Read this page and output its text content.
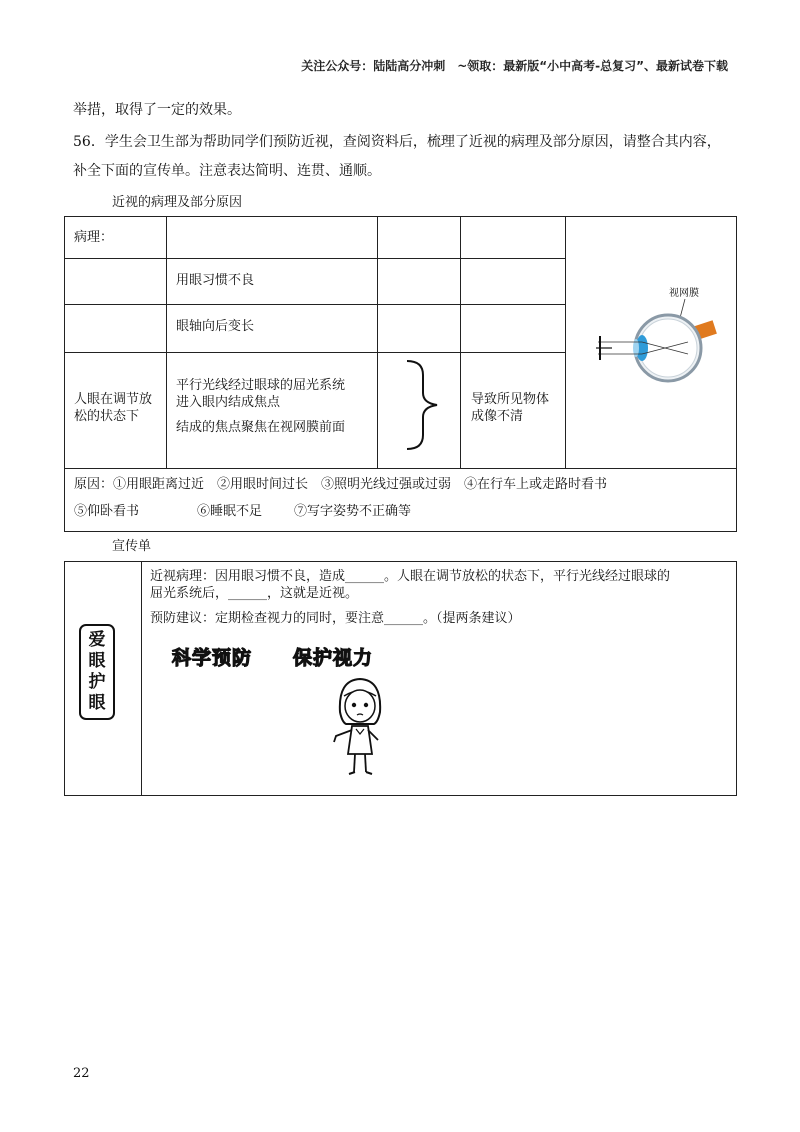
关注公众号：陆陆高分冲刺　~领取：最新版“小中高考-总复习”、最新试卷下载
举措，取得了一定的效果。
56．学生会卫生部为帮助同学们预防近视，查阅资料后，梳理了近视的病理及部分原因，请整合其内容，
补全下面的宣传单。注意表达简明、连贯、通顺。
近视的病理及部分原因
病理：
用眼习惯不良
眼轴向后变长
人眼在调节放
松的状态下
平行光线经过眼球的屈光系统
进入眼内结成焦点
结成的焦点聚焦在视网膜前面
导致所见物体
成像不清
原因：①用眼距离过近　②用眼时间过长　③照明光线过强或过弱　④在行车上或走路时看书
⑤仰卧看书	⑥睡眠不足 ⑦写字姿势不正确等
视网膜
宣传单
爱
眼
护
眼
近视病理：因用眼习惯不良，造成______。人眼在调节放松的状态下，平行光线经过眼球的
屈光系统后，______，这就是近视。
预防建议：定期检查视力的同时，要注意______。（提两条建议）
科学预防 保护视力
22
